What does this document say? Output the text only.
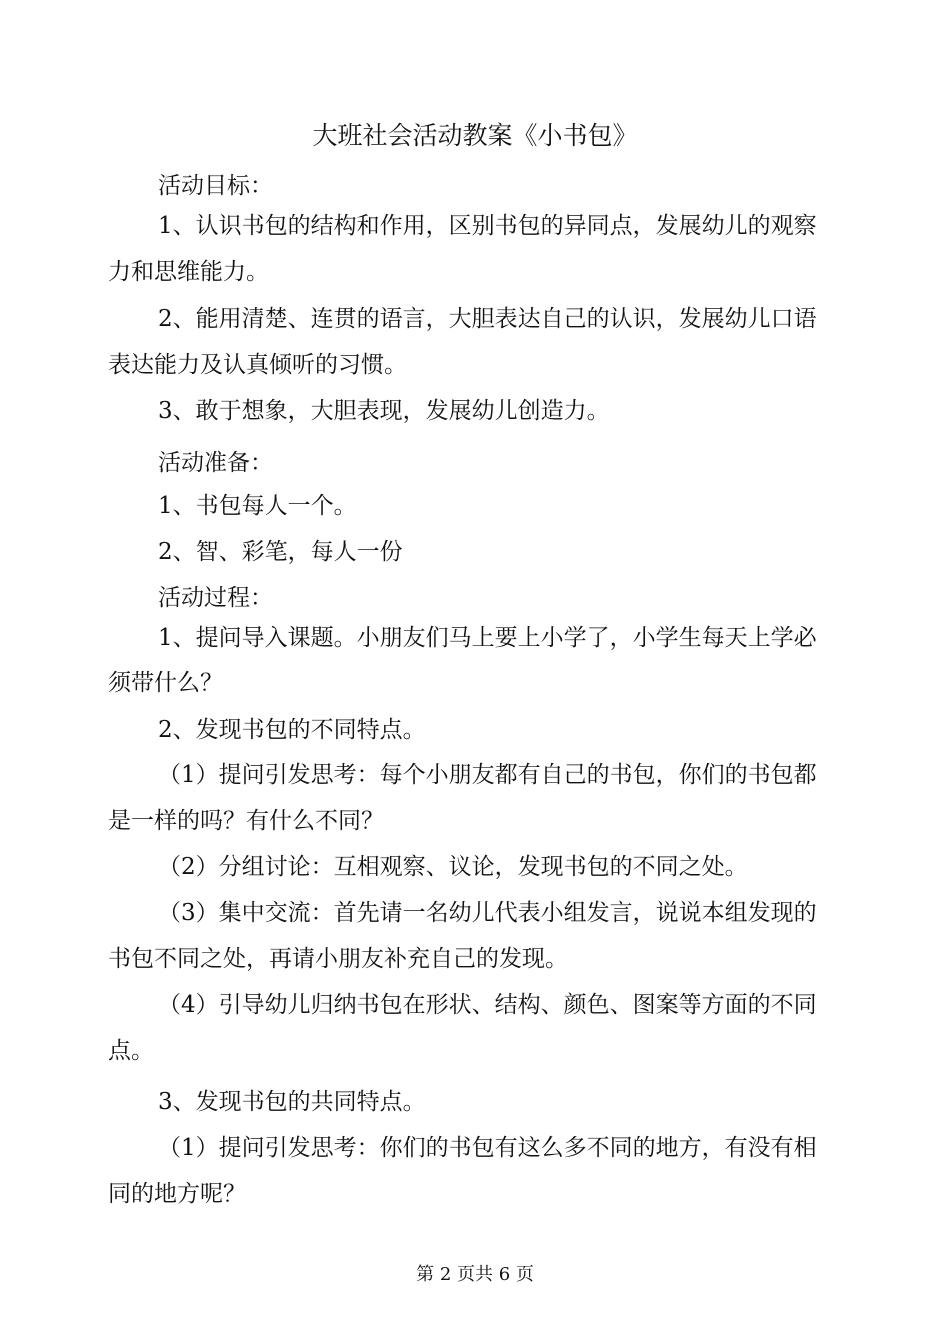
大班社会活动教案《小书包》
活动目标：
1、认识书包的结构和作用，区别书包的异同点，发展幼儿的观察
力和思维能力。
2、能用清楚、连贯的语言，大胆表达自己的认识，发展幼儿口语
表达能力及认真倾听的习惯。
3、敢于想象，大胆表现，发展幼儿创造力。
活动准备：
1、书包每人一个。
2、智、彩笔，每人一份
活动过程：
1、提问导入课题。小朋友们马上要上小学了，小学生每天上学必
须带什么？
2、发现书包的不同特点。
（1）提问引发思考：每个小朋友都有自己的书包，你们的书包都
是一样的吗？有什么不同？
（2）分组讨论：互相观察、议论，发现书包的不同之处。
（3）集中交流：首先请一名幼儿代表小组发言，说说本组发现的
书包不同之处，再请小朋友补充自己的发现。
（4）引导幼儿归纳书包在形状、结构、颜色、图案等方面的不同
点。
3、发现书包的共同特点。
（1）提问引发思考：你们的书包有这么多不同的地方，有没有相
同的地方呢？
第 2 页共 6 页
